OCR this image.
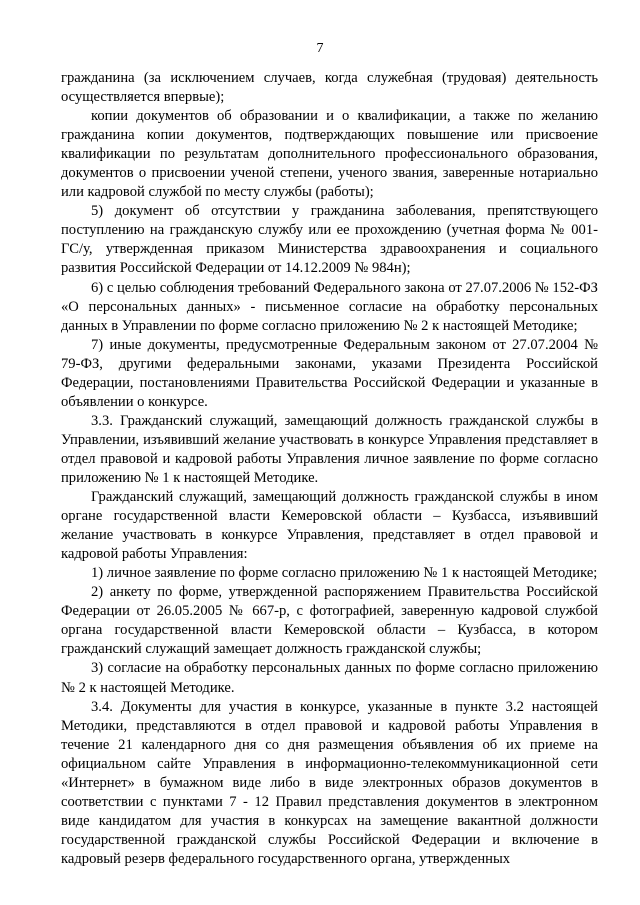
7

гражданина (за исключением случаев, когда служебная (трудовая) деятельность осуществляется впервые);

копии документов об образовании и о квалификации, а также по желанию гражданина копии документов, подтверждающих повышение или присвоение квалификации по результатам дополнительного профессионального образования, документов о присвоении ученой степени, ученого звания, заверенные нотариально или кадровой службой по месту службы (работы);

5) документ об отсутствии у гражданина заболевания, препятствующего поступлению на гражданскую службу или ее прохождению (учетная форма № 001- ГС/у, утвержденная приказом Министерства здравоохранения и социального развития Российской Федерации от 14.12.2009 № 984н);

6) с целью соблюдения требований Федерального закона от 27.07.2006 № 152-ФЗ «О персональных данных» - письменное согласие на обработку персональных данных в Управлении по форме согласно приложению № 2 к настоящей Методике;

7) иные документы, предусмотренные Федеральным законом от 27.07.2004 № 79-ФЗ, другими федеральными законами, указами Президента Российской Федерации, постановлениями Правительства Российской Федерации и указанные в объявлении о конкурсе.

3.3. Гражданский служащий, замещающий должность гражданской службы в Управлении, изъявивший желание участвовать в конкурсе Управления представляет в отдел правовой и кадровой работы Управления личное заявление по форме согласно приложению № 1 к настоящей Методике.

Гражданский служащий, замещающий должность гражданской службы в ином органе государственной власти Кемеровской области – Кузбасса, изъявивший желание участвовать в конкурсе Управления, представляет в отдел правовой и кадровой работы Управления:

1) личное заявление по форме согласно приложению № 1 к настоящей Методике;

2) анкету по форме, утвержденной распоряжением Правительства Российской Федерации от 26.05.2005 № 667-р, с фотографией, заверенную кадровой службой органа государственной власти Кемеровской области – Кузбасса, в котором гражданский служащий замещает должность гражданской службы;

3) согласие на обработку персональных данных по форме согласно приложению № 2 к настоящей Методике.

3.4. Документы для участия в конкурсе, указанные в пункте 3.2 настоящей Методики, представляются в отдел правовой и кадровой работы Управления в течение 21 календарного дня со дня размещения объявления об их приеме на официальном сайте Управления в информационно-телекоммуникационной сети «Интернет» в бумажном виде либо в виде электронных образов документов в соответствии с пунктами 7 - 12 Правил представления документов в электронном виде кандидатом для участия в конкурсах на замещение вакантной должности государственной гражданской службы Российской Федерации и включение в кадровый резерв федерального государственного органа, утвержденных
